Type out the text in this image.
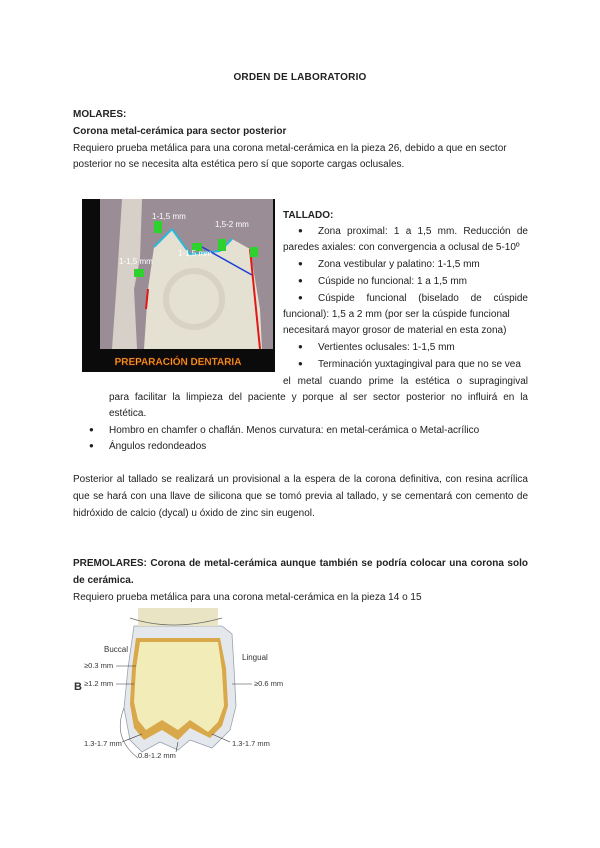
ORDEN DE LABORATORIO

MOLARES:

Corona metal-cerámica para sector posterior

Requiero prueba metálica para una corona metal-cerámica en la pieza 26, debido a que en sector

posterior no se necesita alta estética pero sí que soporte cargas oclusales.

1-1,5 mm
1,5-2 mm
1-1,5 mm
1-1,5 mm
PREPARACIÓN DENTARIA

TALLADO:

● Zona proximal: 1 a 1,5 mm. Reducción de

paredes axiales: con convergencia a oclusal de 5-10º

● Zona vestibular y palatino: 1-1,5 mm

● Cúspide no funcional: 1 a 1,5 mm

● Cúspide funcional (biselado de cúspide

funcional): 1,5 a 2 mm (por ser la cúspide funcional

necesitará mayor grosor de material en esta zona)

● Vertientes oclusales: 1-1,5 mm

● Terminación yuxtagingival para que no se vea

el metal cuando prime la estética o supragingival

para facilitar la limpieza del paciente y porque al ser sector posterior no influirá en la

estética.

● Hombro en chamfer o chaflán. Menos curvatura: en metal-cerámica o Metal-acrílico

● Ángulos redondeados

Posterior al tallado se realizará un provisional a la espera de la corona definitiva, con resina acrílica

que se hará con una llave de silicona que se tomó previa al tallado, y se cementará con cemento de

hidróxido de calcio (dycal) u óxido de zinc sin eugenol.

PREMOLARES: Corona de metal-cerámica aunque también se podría colocar una corona solo

de cerámica.

Requiero prueba metálica para una corona metal-cerámica en la pieza 14 o 15

Buccal
Lingual
≥0.3 mm
≥1.2 mm	≥0.6 mm
B
1.3-1.7 mm	1.3-1.7 mm
0.8-1.2 mm
